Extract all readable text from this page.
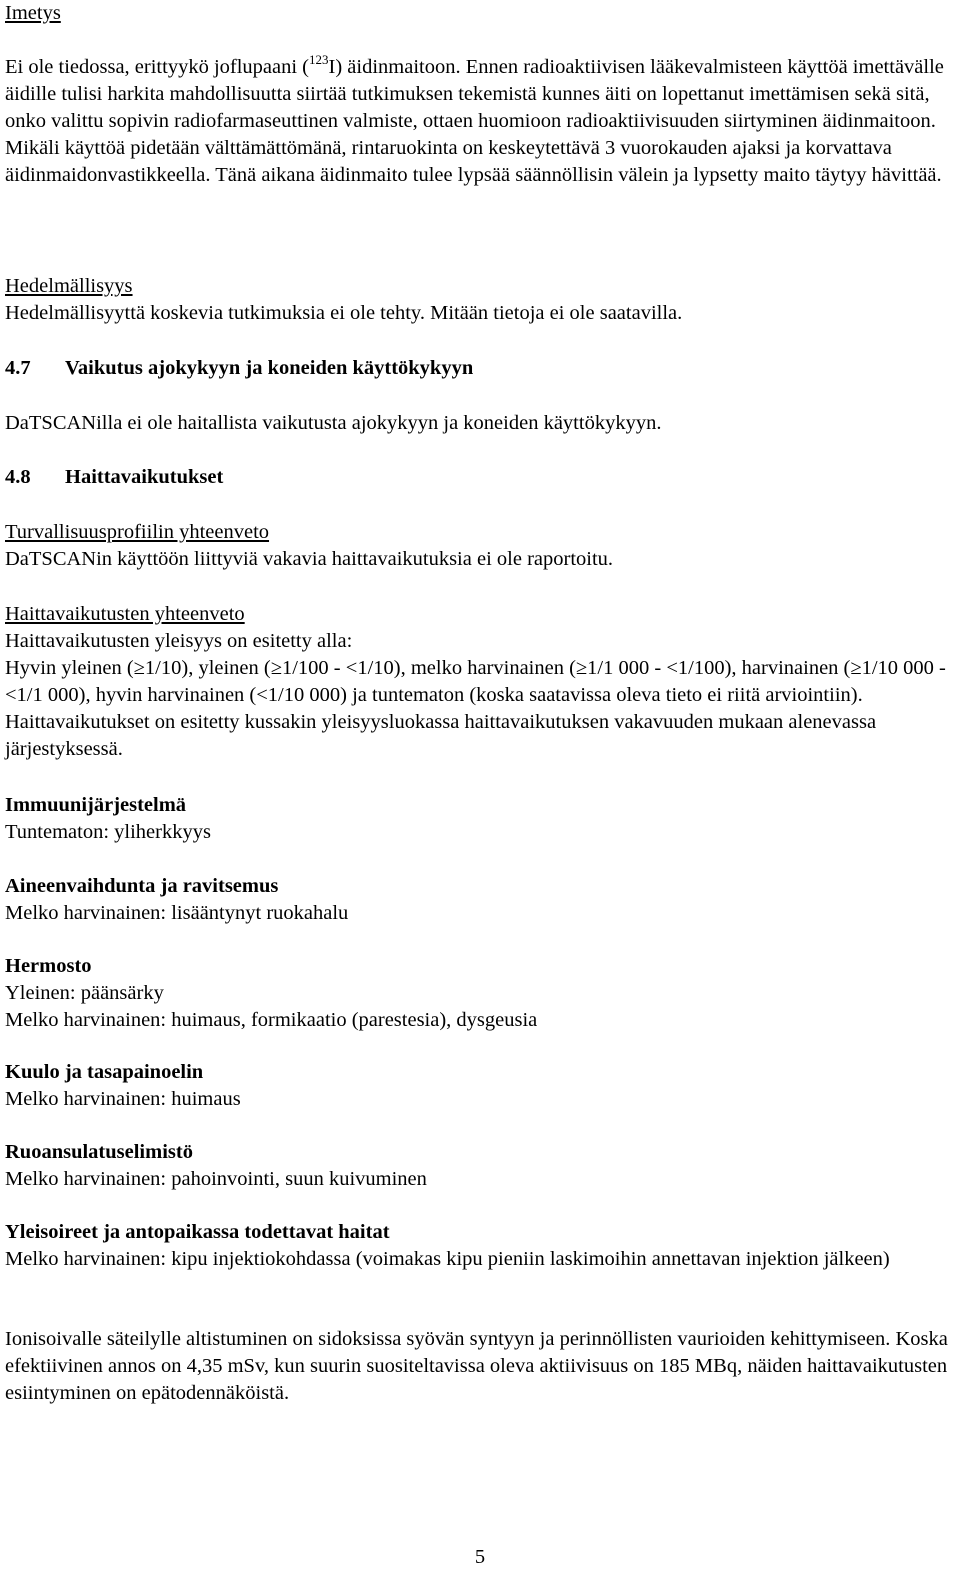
Imetys

Ei ole tiedossa, erittyykö joflupaani ($^{123}$I) äidinmaitoon. Ennen radioaktiivisen lääkevalmisteen käyttöä imettävälle äidille tulisi harkita mahdollisuutta siirtää tutkimuksen tekemistä kunnes äiti on lopettanut imettämisen sekä sitä, onko valittu sopivin radiofarmaseuttinen valmiste, ottaen huomioon radioaktiivisuuden siirtyminen äidinmaitoon. Mikäli käyttöä pidetään välttämättömänä, rintaruokinta on keskeytettävä 3 vuorokauden ajaksi ja korvattava äidinmaidonvastikkeella. Tänä aikana äidinmaito tulee lypsää säännöllisin välein ja lypsetty maito täytyy hävittää.

Hedelmällisyys

Hedelmällisyyttä koskevia tutkimuksia ei ole tehty. Mitään tietoja ei ole saatavilla.

4.7	Vaikutus ajokykyyn ja koneiden käyttökykyyn

DaTSCANilla ei ole haitallista vaikutusta ajokykyyn ja koneiden käyttökykyyn.

4.8	Haittavaikutukset

Turvallisuusprofiilin yhteenveto

DaTSCANin käyttöön liittyviä vakavia haittavaikutuksia ei ole raportoitu.

Haittavaikutusten yhteenveto

Haittavaikutusten yleisyys on esitetty alla:

Hyvin yleinen (≥1/10), yleinen (≥1/100 - <1/10), melko harvinainen (≥1/1 000 - <1/100), harvinainen (≥1/10 000 - <1/1 000), hyvin harvinainen (<1/10 000) ja tuntematon (koska saatavissa oleva tieto ei riitä arviointiin). Haittavaikutukset on esitetty kussakin yleisyysluokassa haittavaikutuksen vakavuuden mukaan alenevassa järjestyksessä.

Immuunijärjestelmä

Tuntematon: yliherkkyys

Aineenvaihdunta ja ravitsemus

Melko harvinainen: lisääntynyt ruokahalu

Hermosto

Yleinen: päänsärky

Melko harvinainen: huimaus, formikaatio (parestesia), dysgeusia

Kuulo ja tasapainoelin

Melko harvinainen: huimaus

Ruoansulatuselimistö

Melko harvinainen: pahoinvointi, suun kuivuminen

Yleisoireet ja antopaikassa todettavat haitat

Melko harvinainen: kipu injektiokohdassa (voimakas kipu pieniin laskimoihin annettavan injektion jälkeen)

Ionisoivalle säteilylle altistuminen on sidoksissa syövän syntyyn ja perinnöllisten vaurioiden kehittymiseen. Koska efektiivinen annos on 4,35 mSv, kun suurin suositeltavissa oleva aktiivisuus on 185 MBq, näiden haittavaikutusten esiintyminen on epätodennäköistä.

5
